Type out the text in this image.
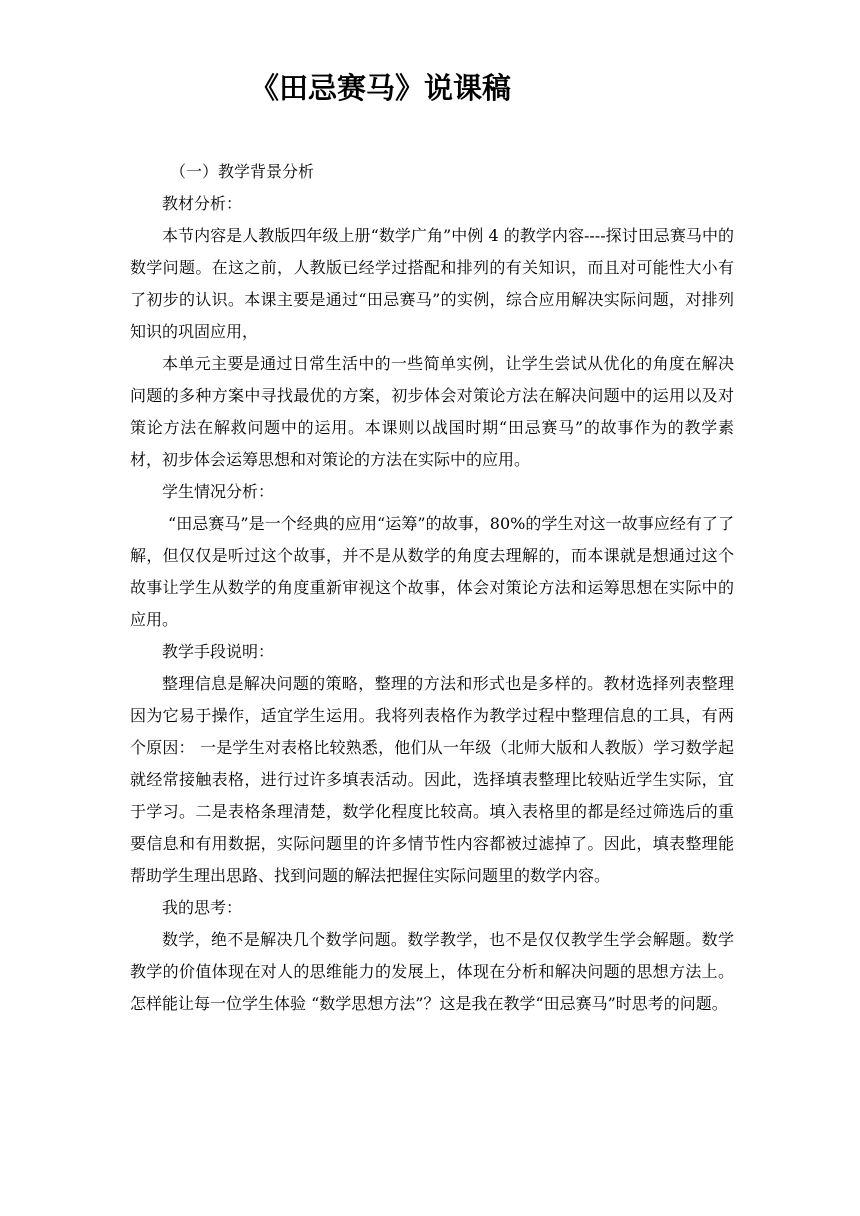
《田忌赛马》说课稿

（一）教学背景分析

教材分析：

本节内容是人教版四年级上册“数学广角”中例 4 的教学内容----探讨田忌赛马中的数学问题。在这之前，人教版已经学过搭配和排列的有关知识，而且对可能性大小有了初步的认识。本课主要是通过“田忌赛马”的实例，综合应用解决实际问题，对排列知识的巩固应用，

本单元主要是通过日常生活中的一些简单实例，让学生尝试从优化的角度在解决问题的多种方案中寻找最优的方案，初步体会对策论方法在解决问题中的运用以及对策论方法在解救问题中的运用。本课则以战国时期“田忌赛马”的故事作为的教学素材，初步体会运筹思想和对策论的方法在实际中的应用。

学生情况分析：

“田忌赛马”是一个经典的应用“运筹”的故事，80%的学生对这一故事应经有了了解，但仅仅是听过这个故事，并不是从数学的角度去理解的，而本课就是想通过这个故事让学生从数学的角度重新审视这个故事，体会对策论方法和运筹思想在实际中的应用。

教学手段说明：

整理信息是解决问题的策略，整理的方法和形式也是多样的。教材选择列表整理因为它易于操作，适宜学生运用。我将列表格作为教学过程中整理信息的工具，有两个原因： 一是学生对表格比较熟悉，他们从一年级（北师大版和人教版）学习数学起就经常接触表格，进行过许多填表活动。因此，选择填表整理比较贴近学生实际，宜于学习。二是表格条理清楚，数学化程度比较高。填入表格里的都是经过筛选后的重要信息和有用数据，实际问题里的许多情节性内容都被过滤掉了。因此，填表整理能帮助学生理出思路、找到问题的解法把握住实际问题里的数学内容。

我的思考：

数学，绝不是解决几个数学问题。数学教学，也不是仅仅教学生学会解题。数学教学的价值体现在对人的思维能力的发展上，体现在分析和解决问题的思想方法上。怎样能让每一位学生体验 “数学思想方法”？这是我在教学“田忌赛马”时思考的问题。
